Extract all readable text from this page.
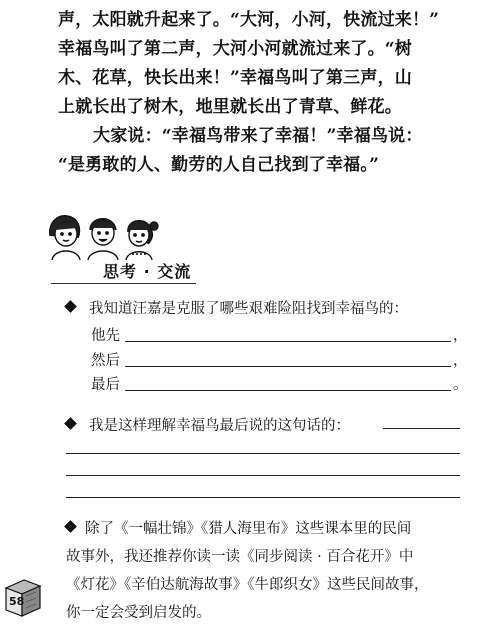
声，太阳就升起来了。“大河，小河，快流过来！”
幸福鸟叫了第二声，大河小河就流过来了。“树
木、花草，快长出来！”幸福鸟叫了第三声，山
上就长出了树木，地里就长出了青草、鲜花。
大家说：“幸福鸟带来了幸福！”幸福鸟说：
“是勇敢的人、勤劳的人自己找到了幸福。”
思考 · 交流
我知道汪嘉是克服了哪些艰难险阻找到幸福鸟的：
他先	，
然后	，
最后	。
我是这样理解幸福鸟最后说的这句话的：
除了《一幅壮锦》《猎人海里布》这些课本里的民间
故事外，我还推荐你读一读《同步阅读 · 百合花开》中
《灯花》《辛伯达航海故事》《牛郎织女》这些民间故事，
你一定会受到启发的。
58
